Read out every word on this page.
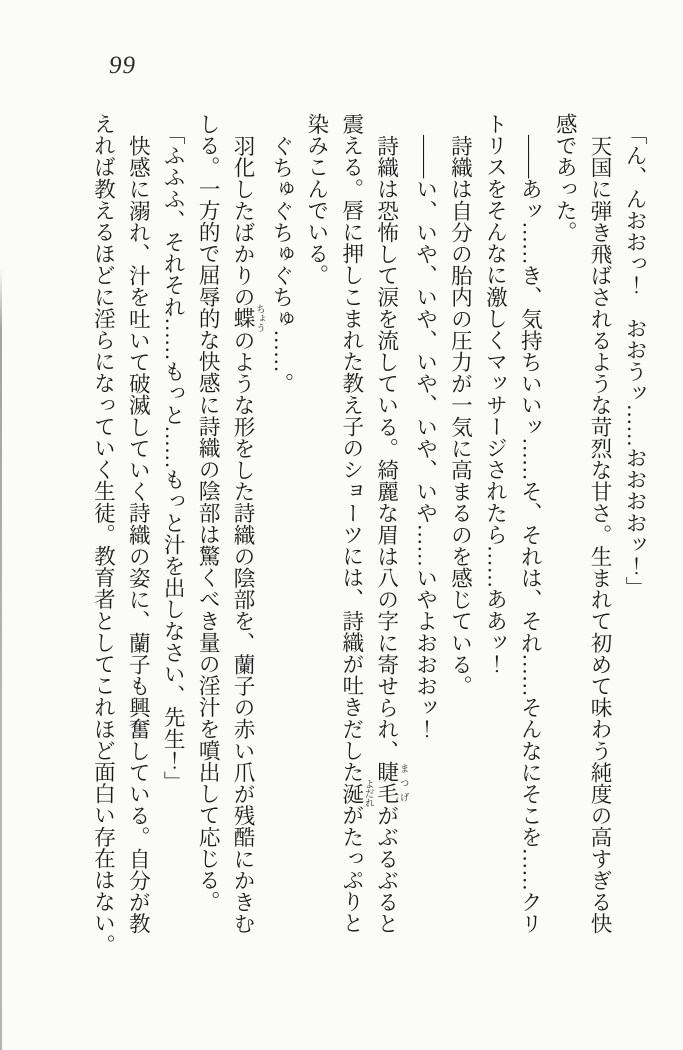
99

「ん、んおおっ！　おおうッ……おおおおッ！」

天国に弾き飛ばされるような苛烈な甘さ。生まれて初めて味わう純度の高すぎる快
感であった。

――あッ……き、気持ちいいッ……そ、それは、それ……そんなにそこを……クリ
トリスをそんなに激しくマッサージされたら……ああッ！

詩織は自分の胎内の圧力が一気に高まるのを感じている。

――い、いや、いや、いや、いや、いや……いやよおおおッ！

詩織は恐怖して涙を流している。綺麗な眉は八の字に寄せられ、睫毛 まつげがぶるぶると
震える。唇に押しこまれた教え子のショーツには、詩織が吐きだした涎 よだれがたっぷりと
染みこんでいる。

ぐちゅぐちゅぐちゅ……。

羽化したばかりの蝶 ちょうのような形をした詩織の陰部を、蘭子の赤い爪が残酷にかきむ
しる。一方的で屈辱的な快感に詩織の陰部は驚くべき量の淫汁を噴出して応じる。

「ふふふ、それそれ……もっと……もっと汁を出しなさい、先生！」

快感に溺れ、汁を吐いて破滅していく詩織の姿に、蘭子も興奮している。自分が教
えれば教えるほどに淫らになっていく生徒。教育者としてこれほど面白い存在はない。
